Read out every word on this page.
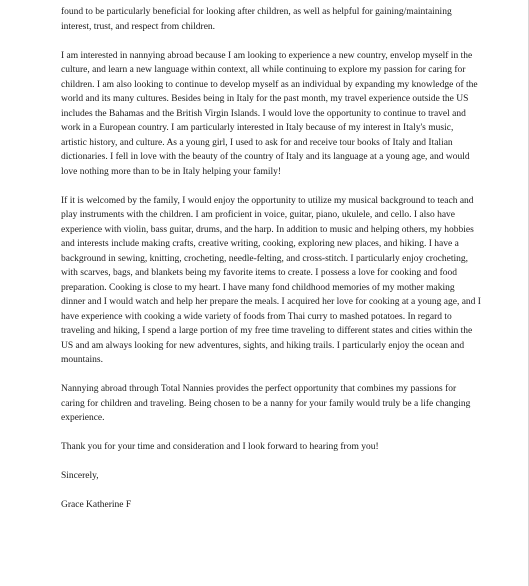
found to be particularly beneficial for looking after children, as well as helpful for gaining/maintaining interest, trust, and respect from children.

I am interested in nannying abroad because I am looking to experience a new country, envelop myself in the culture, and learn a new language within context, all while continuing to explore my passion for caring for children. I am also looking to continue to develop myself as an individual by expanding my knowledge of the world and its many cultures. Besides being in Italy for the past month, my travel experience outside the US includes the Bahamas and the British Virgin Islands. I would love the opportunity to continue to travel and work in a European country. I am particularly interested in Italy because of my interest in Italy's music, artistic history, and culture. As a young girl, I used to ask for and receive tour books of Italy and Italian dictionaries. I fell in love with the beauty of the country of Italy and its language at a young age, and would love nothing more than to be in Italy helping your family!

If it is welcomed by the family, I would enjoy the opportunity to utilize my musical background to teach and play instruments with the children. I am proficient in voice, guitar, piano, ukulele, and cello. I also have experience with violin, bass guitar, drums, and the harp. In addition to music and helping others, my hobbies and interests include making crafts, creative writing, cooking, exploring new places, and hiking. I have a background in sewing, knitting, crocheting, needle-felting, and cross-stitch. I particularly enjoy crocheting, with scarves, bags, and blankets being my favorite items to create. I possess a love for cooking and food preparation. Cooking is close to my heart. I have many fond childhood memories of my mother making dinner and I would watch and help her prepare the meals. I acquired her love for cooking at a young age, and I have experience with cooking a wide variety of foods from Thai curry to mashed potatoes. In regard to traveling and hiking, I spend a large portion of my free time traveling to different states and cities within the US and am always looking for new adventures, sights, and hiking trails. I particularly enjoy the ocean and mountains.

Nannying abroad through Total Nannies provides the perfect opportunity that combines my passions for caring for children and traveling. Being chosen to be a nanny for your family would truly be a life changing experience.

Thank you for your time and consideration and I look forward to hearing from you!

Sincerely,

Grace Katherine F
